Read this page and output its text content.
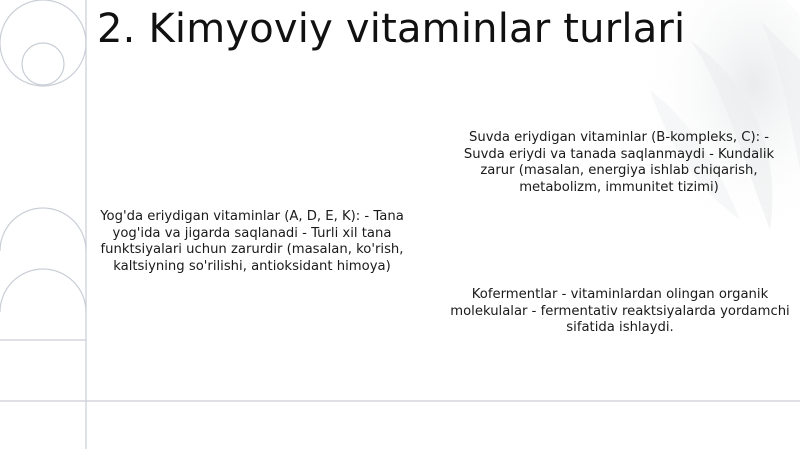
2. Kimyoviy vitaminlar turlari
Yog'da eriydigan vitaminlar (A, D, E, K): - Tana yog'ida va jigarda saqlanadi - Turli xil tana funktsiyalari uchun zarurdir (masalan, ko'rish, kaltsiyning so'rilishi, antioksidant himoya)
Suvda eriydigan vitaminlar (B-kompleks, C): - Suvda eriydi va tanada saqlanmaydi - Kundalik zarur (masalan, energiya ishlab chiqarish, metabolizm, immunitet tizimi)
Kofermentlar - vitaminlardan olingan organik molekulalar - fermentativ reaktsiyalarda yordamchi sifatida ishlaydi.
